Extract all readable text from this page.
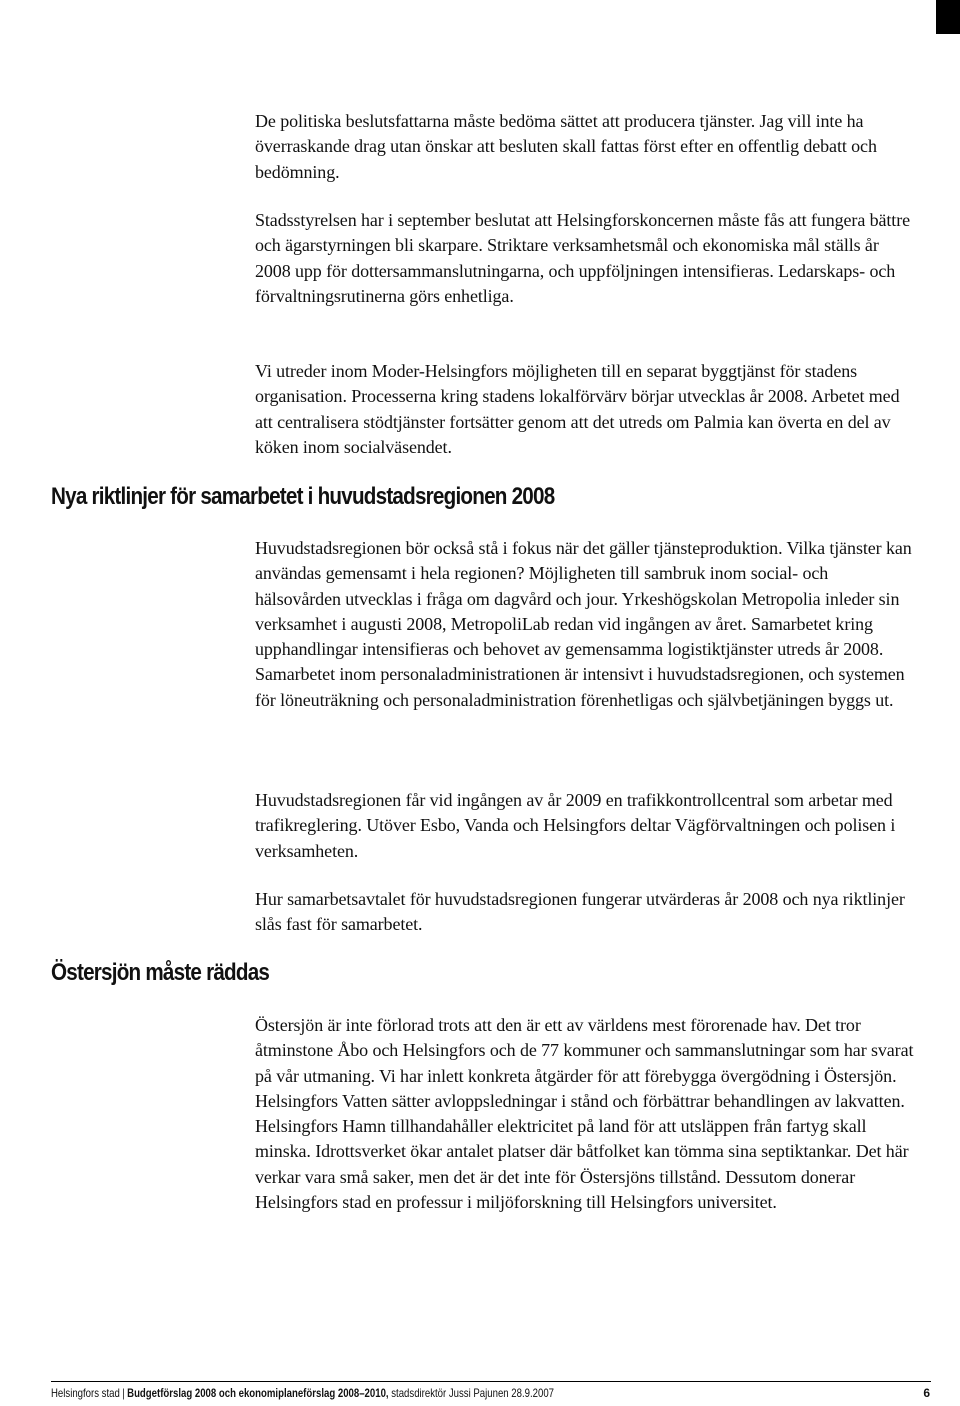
De politiska beslutsfattarna måste bedöma sättet att producera tjänster. Jag vill inte ha överraskande drag utan önskar att besluten skall fattas först efter en offentlig debatt och bedömning.

Stadsstyrelsen har i september beslutat att Helsingforskoncernen måste fås att fungera bättre och ägarstyrningen bli skarpare. Striktare verksamhetsmål och ekonomiska mål ställs år 2008 upp för dottersammanslutningarna, och uppföljningen intensifieras. Ledarskaps- och förvaltningsrutinerna görs enhetliga.

Vi utreder inom Moder-Helsingfors möjligheten till en separat byggtjänst för stadens organisation. Processerna kring stadens lokalförvärv börjar utvecklas år 2008. Arbetet med att centralisera stödtjänster fortsätter genom att det utreds om Palmia kan överta en del av köken inom socialväsendet.

Nya riktlinjer för samarbetet i huvudstadsregionen 2008

Huvudstadsregionen bör också stå i fokus när det gäller tjänsteproduktion. Vilka tjänster kan användas gemensamt i hela regionen? Möjligheten till sambruk inom social- och hälsovården utvecklas i fråga om dagvård och jour. Yrkeshögskolan Metropolia inleder sin verksamhet i augusti 2008, MetropoliLab redan vid ingången av året. Samarbetet kring upphandlingar intensifieras och behovet av gemensamma logistiktjänster utreds år 2008. Samarbetet inom personaladministrationen är intensivt i huvudstadsregionen, och systemen för löneuträkning och personaladministration förenhetligas och självbetjäningen byggs ut.

Huvudstadsregionen får vid ingången av år 2009 en trafikkontrollcentral som arbetar med trafikreglering. Utöver Esbo, Vanda och Helsingfors deltar Vägförvaltningen och polisen i verksamheten.

Hur samarbetsavtalet för huvudstadsregionen fungerar utvärderas år 2008 och nya riktlinjer slås fast för samarbetet.

Östersjön måste räddas

Östersjön är inte förlorad trots att den är ett av världens mest förorenade hav. Det tror åtminstone Åbo och Helsingfors och de 77 kommuner och sammanslutningar som har svarat på vår utmaning. Vi har inlett konkreta åtgärder för att förebygga övergödning i Östersjön. Helsingfors Vatten sätter avloppsledningar i stånd och förbättrar behandlingen av lakvatten. Helsingfors Hamn tillhandahåller elektricitet på land för att utsläppen från fartyg skall minska. Idrottsverket ökar antalet platser där båtfolket kan tömma sina septiktankar. Det här verkar vara små saker, men det är det inte för Östersjöns tillstånd. Dessutom donerar Helsingfors stad en professur i miljöforskning till Helsingfors universitet.

Helsingfors stad | Budgetförslag 2008 och ekonomiplaneförslag 2008–2010, stadsdirektör Jussi Pajunen 28.9.2007	6
